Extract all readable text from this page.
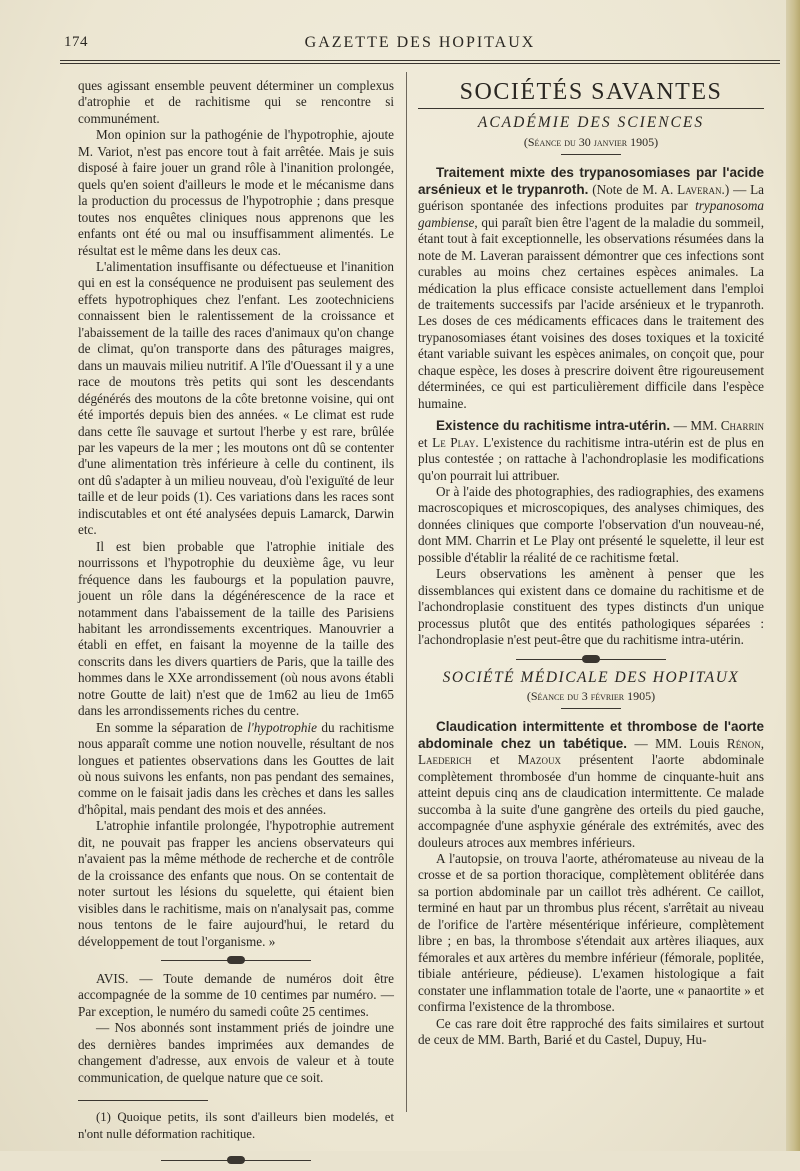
174	GAZETTE DES HOPITAUX

ques agissant ensemble peuvent déterminer un complexus d'atrophie et de rachitisme qui se rencontre si communément.

Mon opinion sur la pathogénie de l'hypotrophie, ajoute M. Variot, n'est pas encore tout à fait arrêtée. Mais je suis disposé à faire jouer un grand rôle à l'inanition prolongée, quels qu'en soient d'ailleurs le mode et le mécanisme dans la production du processus de l'hypotrophie ; dans presque toutes nos enquêtes cliniques nous apprenons que les enfants ont été ou mal ou insuffisamment alimentés. Le résultat est le même dans les deux cas.

L'alimentation insuffisante ou défectueuse et l'inanition qui en est la conséquence ne produisent pas seulement des effets hypotrophiques chez l'enfant. Les zootechniciens connaissent bien le ralentissement de la croissance et l'abaissement de la taille des races d'animaux qu'on change de climat, qu'on transporte dans des pâturages maigres, dans un mauvais milieu nutritif. A l'île d'Ouessant il y a une race de moutons très petits qui sont les descendants dégénérés des moutons de la côte bretonne voisine, qui ont été importés depuis bien des années. « Le climat est rude dans cette île sauvage et surtout l'herbe y est rare, brûlée par les vapeurs de la mer ; les moutons ont dû se contenter d'une alimentation très inférieure à celle du continent, ils ont dû s'adapter à un milieu nouveau, d'où l'exiguïté de leur taille et de leur poids (1). Ces variations dans les races sont indiscutables et ont été analysées depuis Lamarck, Darwin etc.

Il est bien probable que l'atrophie initiale des nourrissons et l'hypotrophie du deuxième âge, vu leur fréquence dans les faubourgs et la population pauvre, jouent un rôle dans la dégénérescence de la race et notamment dans l'abaissement de la taille des Parisiens habitant les arrondissements excentriques. Manouvrier a établi en effet, en faisant la moyenne de la taille des conscrits dans les divers quartiers de Paris, que la taille des hommes dans le XXe arrondissement (où nous avons établi notre Goutte de lait) n'est que de 1m62 au lieu de 1m65 dans les arrondissements riches du centre.

En somme la séparation de l'hypotrophie du rachitisme nous apparaît comme une notion nouvelle, résultant de nos longues et patientes observations dans les Gouttes de lait où nous suivons les enfants, non pas pendant des semaines, comme on le faisait jadis dans les crèches et dans les salles d'hôpital, mais pendant des mois et des années.

L'atrophie infantile prolongée, l'hypotrophie autrement dit, ne pouvait pas frapper les anciens observateurs qui n'avaient pas la même méthode de recherche et de contrôle de la croissance des enfants que nous. On se contentait de noter surtout les lésions du squelette, qui étaient bien visibles dans le rachitisme, mais on n'analysait pas, comme nous tentons de le faire aujourd'hui, le retard du développement de tout l'organisme. »

AVIS. — Toute demande de numéros doit être accompagnée de la somme de 10 centimes par numéro. — Par exception, le numéro du samedi coûte 25 centimes.

— Nos abonnés sont instamment priés de joindre une des dernières bandes imprimées aux demandes de changement d'adresse, aux envois de valeur et à toute communication, de quelque nature que ce soit.

(1) Quoique petits, ils sont d'ailleurs bien modelés, et n'ont nulle déformation rachitique.

SOCIÉTÉS SAVANTES
ACADÉMIE DES SCIENCES
(Séance du 30 janvier 1905)

Traitement mixte des trypanosomiases par l'acide arsénieux et le trypanroth. (Note de M. A. Laveran.) — La guérison spontanée des infections produites par trypanosoma gambiense, qui paraît bien être l'agent de la maladie du sommeil, étant tout à fait exceptionnelle, les observations résumées dans la note de M. Laveran paraissent démontrer que ces infections sont curables au moins chez certaines espèces animales. La médication la plus efficace consiste actuellement dans l'emploi de traitements successifs par l'acide arsénieux et le trypanroth. Les doses de ces médicaments efficaces dans le traitement des trypanosomiases étant voisines des doses toxiques et la toxicité étant variable suivant les espèces animales, on conçoit que, pour chaque espèce, les doses à prescrire doivent être rigoureusement déterminées, ce qui est particulièrement difficile dans l'espèce humaine.

Existence du rachitisme intra-utérin. — MM. Charrin et Le Play. L'existence du rachitisme intra-utérin est de plus en plus contestée ; on rattache à l'achondroplasie les modifications qu'on pourrait lui attribuer.

Or à l'aide des photographies, des radiographies, des examens macroscopiques et microscopiques, des analyses chimiques, des données cliniques que comporte l'observation d'un nouveau-né, dont MM. Charrin et Le Play ont présenté le squelette, il leur est possible d'établir la réalité de ce rachitisme fœtal.

Leurs observations les amènent à penser que les dissemblances qui existent dans ce domaine du rachitisme et de l'achondroplasie constituent des types distincts d'un unique processus plutôt que des entités pathologiques séparées : l'achondroplasie n'est peut-être que du rachitisme intra-utérin.

SOCIÉTÉ MÉDICALE DES HOPITAUX
(Séance du 3 février 1905)

Claudication intermittente et thrombose de l'aorte abdominale chez un tabétique. — MM. Louis Rénon, Laederich et Mazoux présentent l'aorte abdominale complètement thrombosée d'un homme de cinquante-huit ans atteint depuis cinq ans de claudication intermittente. Ce malade succomba à la suite d'une gangrène des orteils du pied gauche, accompagnée d'une asphyxie générale des extrémités, avec des douleurs atroces aux membres inférieurs.

A l'autopsie, on trouva l'aorte, athéromateuse au niveau de la crosse et de sa portion thoracique, complètement oblitérée dans sa portion abdominale par un caillot très adhérent. Ce caillot, terminé en haut par un thrombus plus récent, s'arrêtait au niveau de l'orifice de l'artère mésentérique inférieure, complètement libre ; en bas, la thrombose s'étendait aux artères iliaques, aux fémorales et aux artères du membre inférieur (fémorale, poplitée, tibiale antérieure, pédieuse). L'examen histologique a fait constater une inflammation totale de l'aorte, une « panaortite » et confirma l'existence de la thrombose.

Ce cas rare doit être rapproché des faits similaires et surtout de ceux de MM. Barth, Barié et du Castel, Dupuy, Hu-
